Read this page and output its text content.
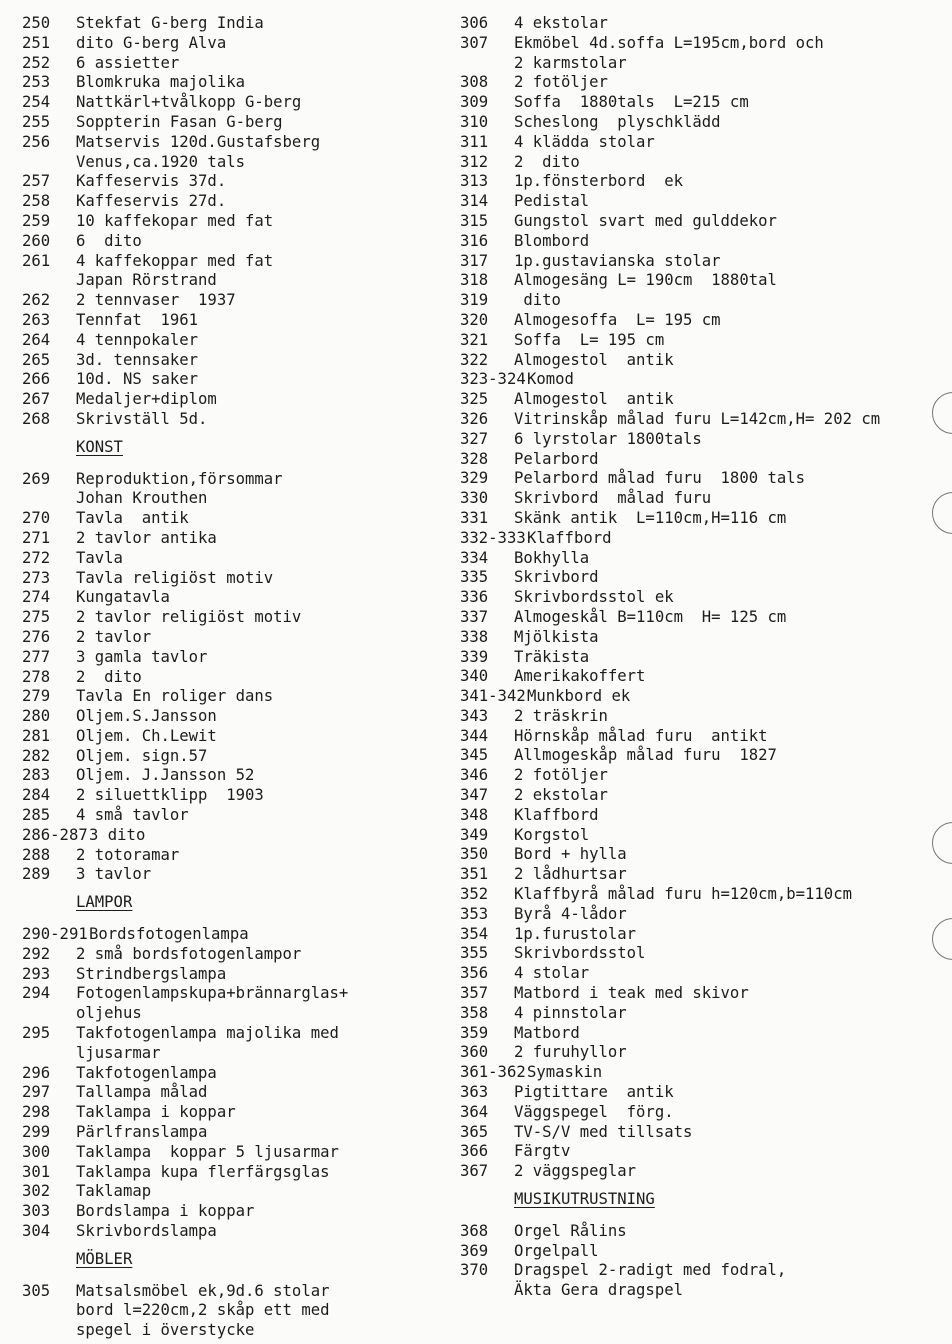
250	Stekfat G-berg India
251	dito G-berg Alva
252	6 assietter
253	Blomkruka majolika
254	Nattkärl+tvålkopp G-berg
255	Soppterin Fasan G-berg
256	Matservis 120d.Gustafsberg
Venus,ca.1920 tals
257	Kaffeservis 37d.
258	Kaffeservis 27d.
259	10 kaffekopar med fat
260	6  dito
261	4 kaffekoppar med fat
Japan Rörstrand
262	2 tennvaser  1937
263	Tennfat  1961
264	4 tennpokaler
265	3d. tennsaker
266	10d. NS saker
267	Medaljer+diplom
268	Skrivställ 5d.
KONST
269	Reproduktion,försommar
Johan Krouthen
270	Tavla  antik
271	2 tavlor antika
272	Tavla
273	Tavla religiöst motiv
274	Kungatavla
275	2 tavlor religiöst motiv
276	2 tavlor
277	3 gamla tavlor
278	2  dito
279	Tavla En roliger dans
280	Oljem.S.Jansson
281	Oljem. Ch.Lewit
282	Oljem. sign.57
283	Oljem. J.Jansson 52
284	2 siluettklipp  1903
285	4 små tavlor
286-287 3 dito
288	2 totoramar
289	3 tavlor
LAMPOR
290-291 Bordsfotogenlampa
292	2 små bordsfotogenlampor
293	Strindbergslampa
294	Fotogenlampskupa+brännarglas+
oljehus
295	Takfotogenlampa majolika med
ljusarmar
296	Takfotogenlampa
297	Tallampa målad
298	Taklampa i koppar
299	Pärlfranslampa
300	Taklampa  koppar 5 ljusarmar
301	Taklampa kupa flerfärgsglas
302	Taklamap
303	Bordslampa i koppar
304	Skrivbordslampa
MÖBLER
305	Matsalsmöbel ek,9d.6 stolar
bord l=220cm,2 skåp ett med
spegel i överstycke
306	4 ekstolar
307	Ekmöbel 4d.soffa L=195cm,bord och
2 karmstolar
308	2 fotöljer
309	Soffa  1880tals  L=215 cm
310	Scheslong  plyschklädd
311	4 klädda stolar
312	2  dito
313	1p.fönsterbord  ek
314	Pedistal
315	Gungstol svart med gulddekor
316	Blombord
317	1p.gustavianska stolar
318	Almogesäng L= 190cm  1880tal
319	dito
320	Almogesoffa  L= 195 cm
321	Soffa  L= 195 cm
322	Almogestol  antik
323-324 Komod
325	Almogestol  antik
326	Vitrinskåp målad furu L=142cm,H= 202 cm
327	6 lyrstolar 1800tals
328	Pelarbord
329	Pelarbord målad furu  1800 tals
330	Skrivbord  målad furu
331	Skänk antik  L=110cm,H=116 cm
332-333 Klaffbord
334	Bokhylla
335	Skrivbord
336	Skrivbordsstol ek
337	Almogeskål B=110cm  H= 125 cm
338	Mjölkista
339	Träkista
340	Amerikakoffert
341-342 Munkbord ek
343	2 träskrin
344	Hörnskåp målad furu  antikt
345	Allmogeskåp målad furu  1827
346	2 fotöljer
347	2 ekstolar
348	Klaffbord
349	Korgstol
350	Bord + hylla
351	2 lådhurtsar
352	Klaffbyrå målad furu h=120cm,b=110cm
353	Byrå 4-lådor
354	1p.furustolar
355	Skrivbordsstol
356	4 stolar
357	Matbord i teak med skivor
358	4 pinnstolar
359	Matbord
360	2 furuhyllor
361-362 Symaskin
363	Pigtittare  antik
364	Väggspegel  förg.
365	TV-S/V med tillsats
366	Färgtv
367	2 väggspeglar
MUSIKUTRUSTNING
368	Orgel Rålins
369	Orgelpall
370	Dragspel 2-radigt med fodral,
Äkta Gera dragspel
